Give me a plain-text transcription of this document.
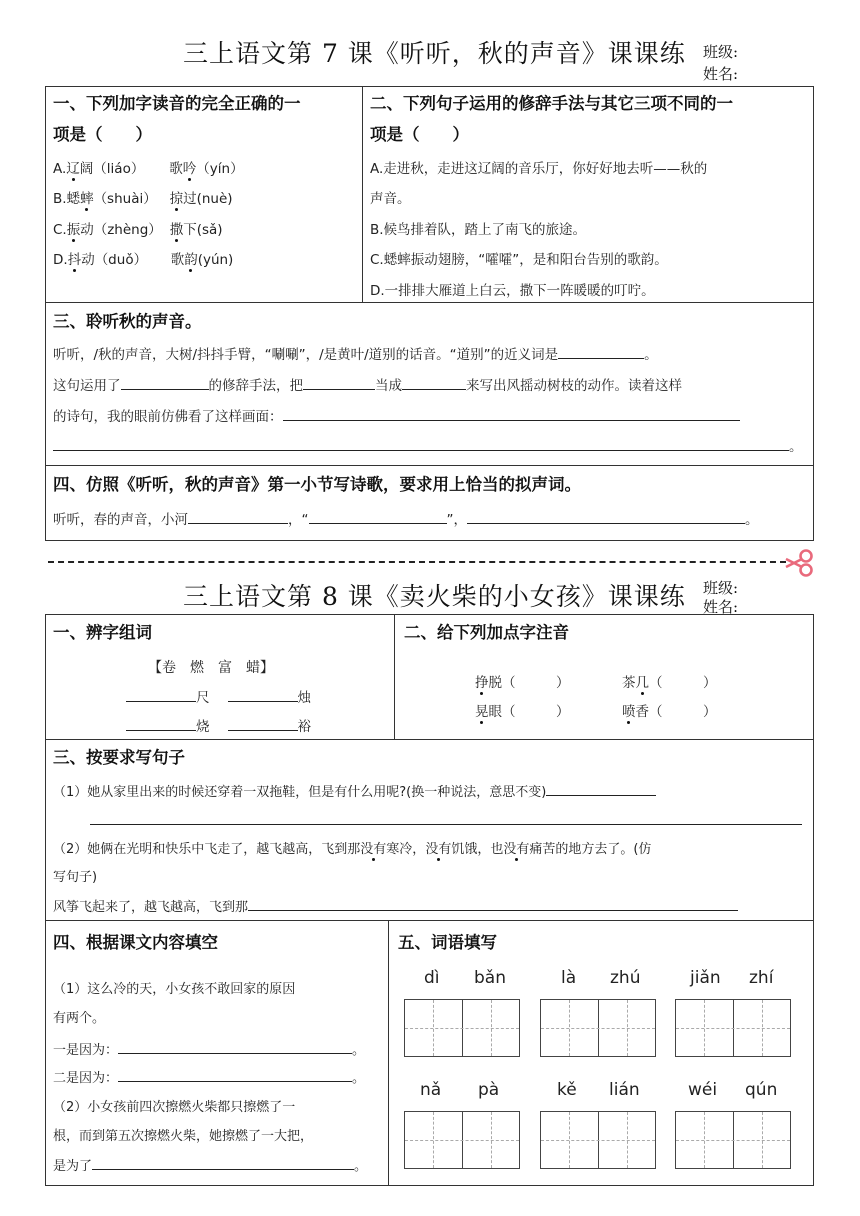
三上语文第 7 课《听听，秋的声音》课课练 班级:
姓名:
一、下列加字读音的完全正确的一
项是（　　）
A.辽阔（liáo） 歌吟（yín）
B.蟋蟀（shuài） 掠过(nuè)
C.振动（zhèng） 撒下(sǎ)
D.抖动（duǒ） 歌韵(yún)
二、下列句子运用的修辞手法与其它三项不同的一
项是（　　）
A.走进秋，走进这辽阔的音乐厅，你好好地去听——秋的
声音。
B.候鸟排着队，踏上了南飞的旅途。
C.蟋蟀振动翅膀，“嚯嚯”，是和阳台告别的歌韵。
D.一排排大雁道上白云，撒下一阵暖暖的叮咛。
三、聆听秋的声音。
听听，/秋的声音，大树/抖抖手臂，“唰唰”，/是黄叶/道别的话音。“道别”的近义词是	。
这句运用了	的修辞手法，把	当成	来写出风摇动树枝的动作。读着这样
的诗句，我的眼前仿佛看了这样画面：
。
四、仿照《听听，秋的声音》第一小节写诗歌，要求用上恰当的拟声词。
听听，春的声音，小河	，“	”，	。
三上语文第 8 课《卖火柴的小女孩》课课练 班级:
姓名:
一、辨字组词
【卷　燃　富　蜡】
尺	烛
烧	裕
二、给下列加点字注音
挣脱（　　　）	茶几（　　　）
晃眼（　　　）	喷香（　　　）
三、按要求写句子
（1）她从家里出来的时候还穿着一双拖鞋，但是有什么用呢?(换一种说法，意思不变)
（2）她俩在光明和快乐中飞走了，越飞越高，飞到那没有寒冷，没有饥饿，也没有痛苦的地方去了。(仿
写句子)
风筝飞起来了，越飞越高，飞到那
四、根据课文内容填空
（1）这么冷的天，小女孩不敢回家的原因
有两个。
一是因为：	。
二是因为：	。
（2）小女孩前四次擦燃火柴都只擦燃了一
根，而到第五次擦燃火柴，她擦燃了一大把，
是为了	。
五、词语填写
dì bǎn	là zhú	jiǎn zhí
nǎ pà	kě lián	wéi qún
